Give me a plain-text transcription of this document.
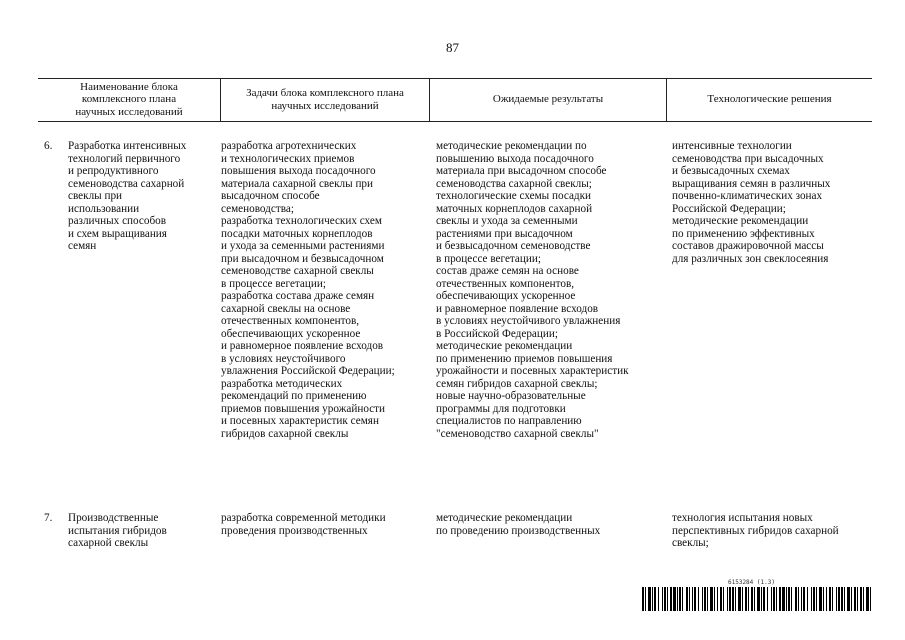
87
Наименование блока
комплексного плана
научных исследований
Задачи блока комплексного плана
научных исследований
Ожидаемые результаты	Технологические решения
6. Разработка интенсивных
технологий первичного
и репродуктивного
семеноводства сахарной
свеклы при
использовании
различных способов
и схем выращивания
семян
разработка агротехнических
и технологических приемов
повышения выхода посадочного
материала сахарной свеклы при
высадочном способе
семеноводства;
разработка технологических схем
посадки маточных корнеплодов
и ухода за семенными растениями
при высадочном и безвысадочном
семеноводстве сахарной свеклы
в процессе вегетации;
разработка состава драже семян
сахарной свеклы на основе
отечественных компонентов,
обеспечивающих ускоренное
и равномерное появление всходов
в условиях неустойчивого
увлажнения Российской Федерации;
разработка методических
рекомендаций по применению
приемов повышения урожайности
и посевных характеристик семян
гибридов сахарной свеклы
методические рекомендации по
повышению выхода посадочного
материала при высадочном способе
семеноводства сахарной свеклы;
технологические схемы посадки
маточных корнеплодов сахарной
свеклы и ухода за семенными
растениями при высадочном
и безвысадочном семеноводстве
в процессе вегетации;
состав драже семян на основе
отечественных компонентов,
обеспечивающих ускоренное
и равномерное появление всходов
в условиях неустойчивого увлажнения
в Российской Федерации;
методические рекомендации
по применению приемов повышения
урожайности и посевных характеристик
семян гибридов сахарной свеклы;
новые научно-образовательные
программы для подготовки
специалистов по направлению
"семеноводство сахарной свеклы"
интенсивные технологии
семеноводства при высадочных
и безвысадочных схемах
выращивания семян в различных
почвенно-климатических зонах
Российской Федерации;
методические рекомендации
по применению эффективных
составов дражировочной массы
для различных зон свеклосеяния
7. Производственные
испытания гибридов
сахарной свеклы
разработка современной методики
проведения производственных
методические рекомендации
по проведению производственных
технология испытания новых
перспективных гибридов сахарной
свеклы;
6153284 (1.3)
